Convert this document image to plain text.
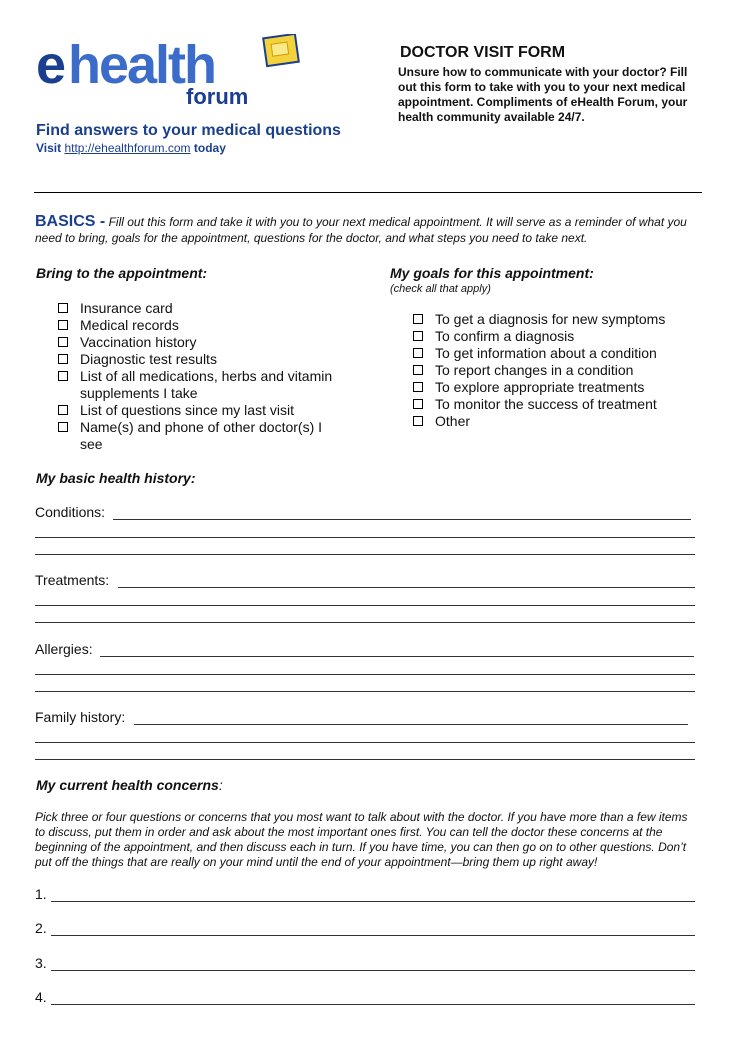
e health
forum
Find answers to your medical questions
Visit http://ehealthforum.com today
DOCTOR VISIT FORM
Unsure how to communicate with your doctor? Fill out this form to take with you to your next medical appointment. Compliments of eHealth Forum, your health community available 24/7.
BASICS - Fill out this form and take it with you to your next medical appointment. It will serve as a reminder of what you need to bring, goals for the appointment, questions for the doctor, and what steps you need to take next.
Bring to the appointment:
Insurance card
Medical records
Vaccination history
Diagnostic test results
List of all medications, herbs and vitamin supplements I take
List of questions since my last visit
Name(s) and phone of other doctor(s) I see
My goals for this appointment:
(check all that apply)
To get a diagnosis for new symptoms
To confirm a diagnosis
To get information about a condition
To report changes in a condition
To explore appropriate treatments
To monitor the success of treatment
Other
My basic health history:
Conditions:
Treatments:
Allergies:
Family history:
My current health concerns:
Pick three or four questions or concerns that you most want to talk about with the doctor. If you have more than a few items to discuss, put them in order and ask about the most important ones first. You can tell the doctor these concerns at the beginning of the appointment, and then discuss each in turn. If you have time, you can then go on to other questions. Don’t put off the things that are really on your mind until the end of your appointment—bring them up right away!
1.
2.
3.
4.
